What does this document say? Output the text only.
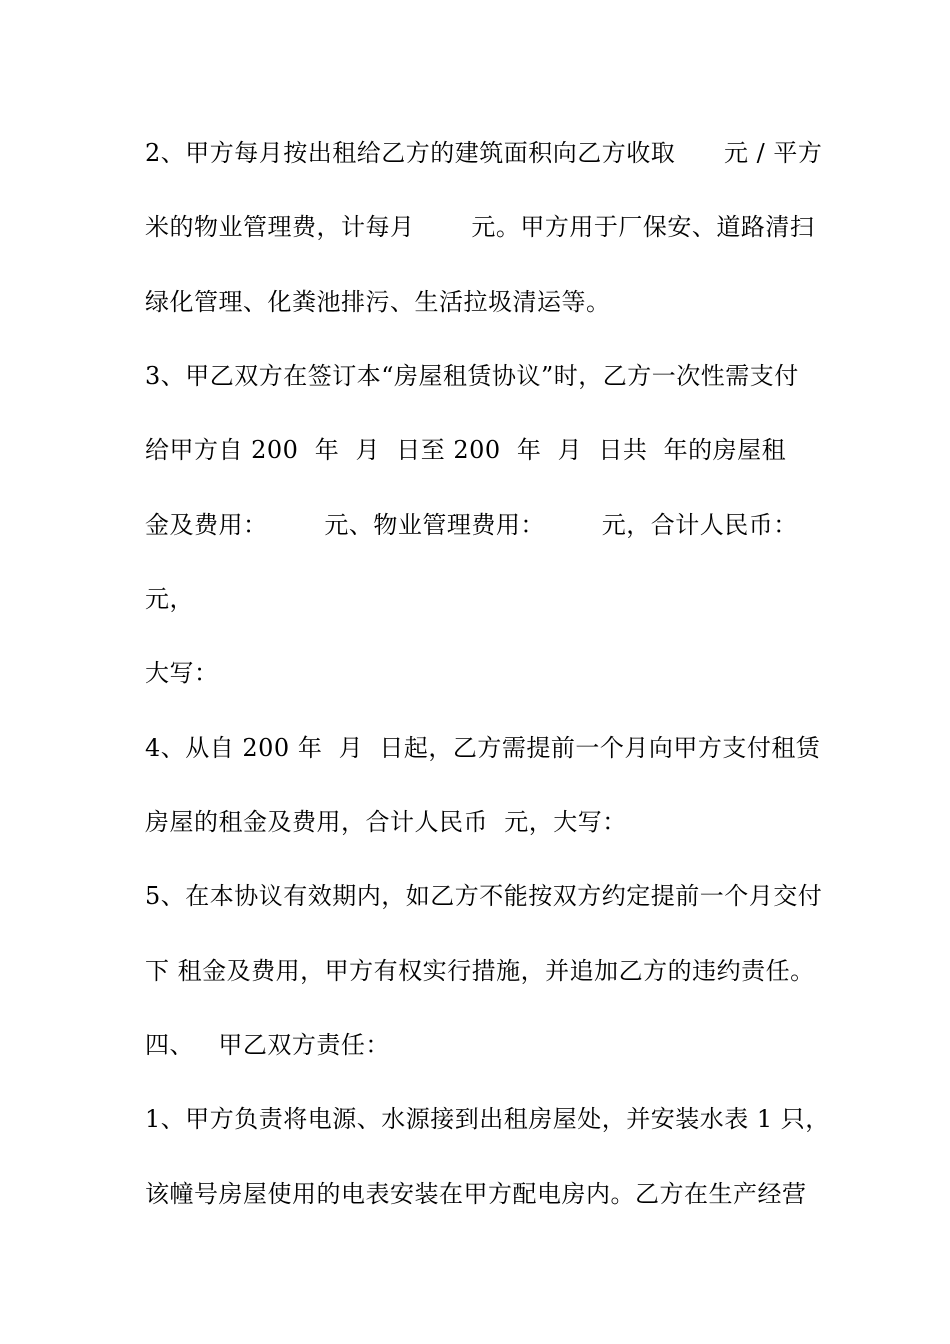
2、甲方每月按出租给乙方的建筑面积向乙方收取      元 / 平方
米的物业管理费，计每月       元。甲方用于厂保安、道路清扫
绿化管理、化粪池排污、生活拉圾清运等。
3、甲乙双方在签订本“房屋租赁协议”时，乙方一次性需支付
给甲方自 200  年  月  日至 200  年  月  日共  年的房屋租
金及费用：       元、物业管理费用：       元，合计人民币：
元，
大写：
4、从自 200 年  月  日起，乙方需提前一个月向甲方支付租赁
房屋的租金及费用，合计人民币  元，大写：
5、在本协议有效期内，如乙方不能按双方约定提前一个月交付
下 租金及费用，甲方有权实行措施，并追加乙方的违约责任。
四、   甲乙双方责任：
1、甲方负责将电源、水源接到出租房屋处，并安装水表 1 只，
该幢号房屋使用的电表安装在甲方配电房内。乙方在生产经营
